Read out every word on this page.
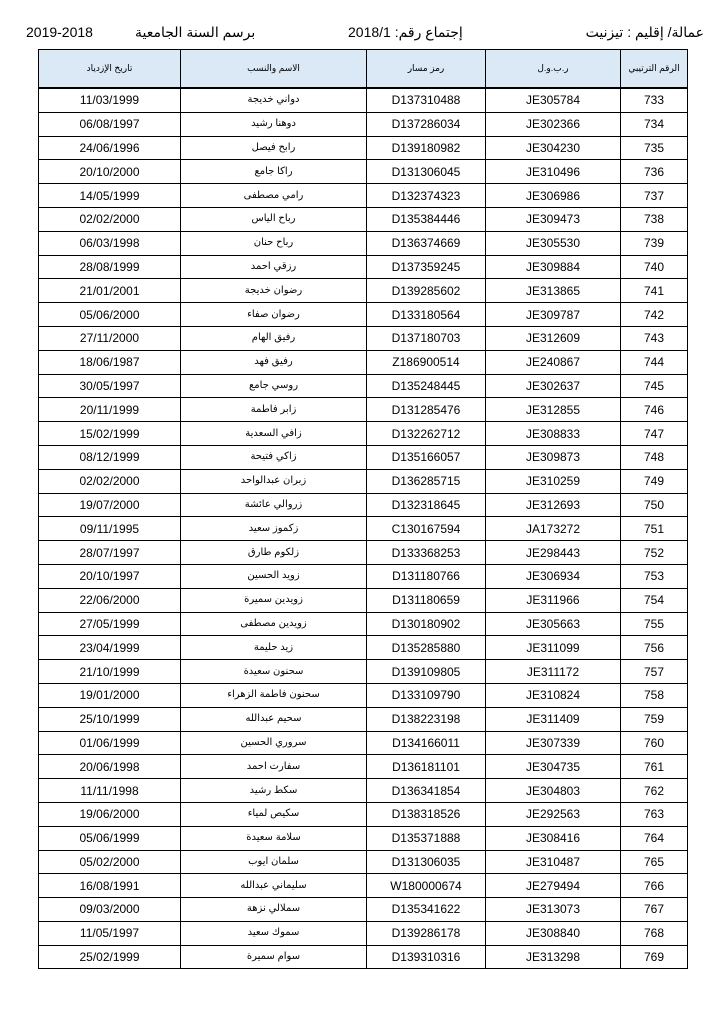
2019-2018	برسم السنة الجامعية	إجتماع رقم: 2018/1	عمالة/ إقليم : تيزنيت
تاريخ الإزدياد	الاسم والنسب	رمز مسار	ر.ب.و.ل	الرقم الترتيبي
11/03/1999	دواني خديجة	D137310488	JE305784	733
06/08/1997	دوهنا رشيد	D137286034	JE302366	734
24/06/1996	رابح فيصل	D139180982	JE304230	735
20/10/2000	راكا جامع	D131306045	JE310496	736
14/05/1999	رامي مصطفى	D132374323	JE306986	737
02/02/2000	رباح الياس	D135384446	JE309473	738
06/03/1998	رباح حنان	D136374669	JE305530	739
28/08/1999	رزقي احمد	D137359245	JE309884	740
21/01/2001	رضوان خديجة	D139285602	JE313865	741
05/06/2000	رضوان صفاء	D133180564	JE309787	742
27/11/2000	رفيق الهام	D137180703	JE312609	743
18/06/1987	رفيق فهد	Z186900514	JE240867	744
30/05/1997	روسي جامع	D135248445	JE302637	745
20/11/1999	زابر فاطمة	D131285476	JE312855	746
15/02/1999	زافي السعدية	D132262712	JE308833	747
08/12/1999	زاكي فتيحة	D135166057	JE309873	748
02/02/2000	زبران عبدالواحد	D136285715	JE310259	749
19/07/2000	زروالي عائشة	D132318645	JE312693	750
09/11/1995	زكموز سعيد	C130167594	JA173272	751
28/07/1997	زلكوم طارق	D133368253	JE298443	752
20/10/1997	زويد الحسين	D131180766	JE306934	753
22/06/2000	زويدين سميرة	D131180659	JE311966	754
27/05/1999	زويدين مصطفى	D130180902	JE305663	755
23/04/1999	زيد حليمة	D135285880	JE311099	756
21/10/1999	سحنون سعيدة	D139109805	JE311172	757
19/01/2000	سحنون فاطمة الزهراء	D133109790	JE310824	758
25/10/1999	سحيم عبدالله	D138223198	JE311409	759
01/06/1999	سروري الحسين	D134166011	JE307339	760
20/06/1998	سفارت احمد	D136181101	JE304735	761
11/11/1998	سكط رشيد	D136341854	JE304803	762
19/06/2000	سكيص لمياء	D138318526	JE292563	763
05/06/1999	سلامة سعيدة	D135371888	JE308416	764
05/02/2000	سلمان ايوب	D131306035	JE310487	765
16/08/1991	سليماني عبدالله	W180000674	JE279494	766
09/03/2000	سملالي نزهة	D135341622	JE313073	767
11/05/1997	سموك سعيد	D139286178	JE308840	768
25/02/1999	سوام سميرة	D139310316	JE313298	769
